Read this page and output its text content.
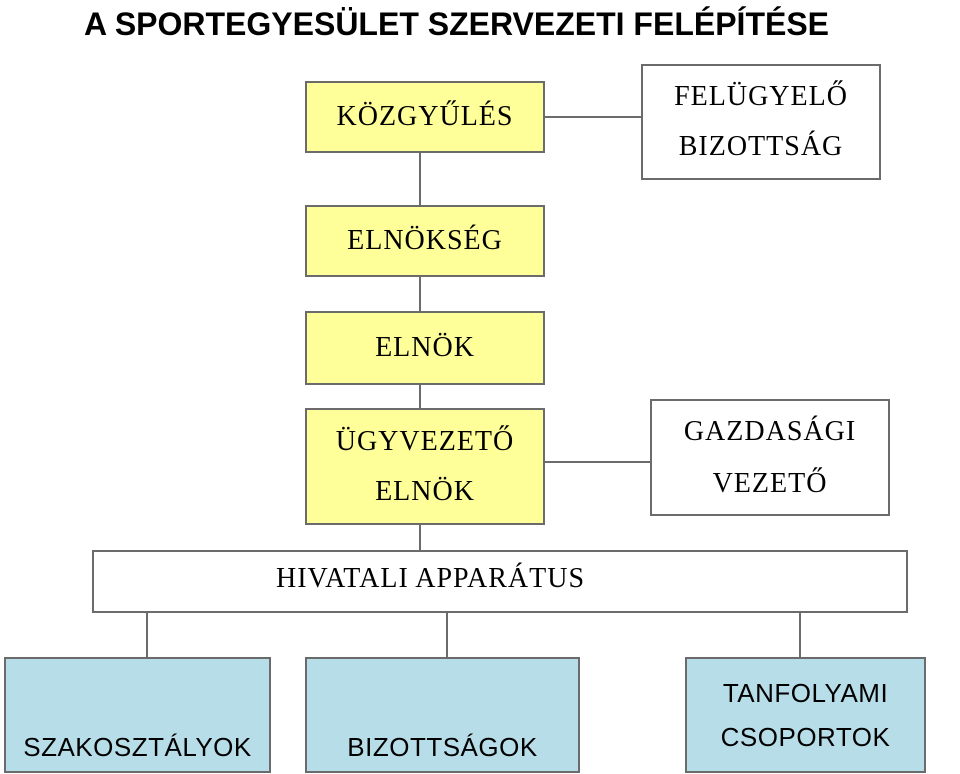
A SPORTEGYESÜLET SZERVEZETI FELÉPÍTÉSE
KÖZGYŰLÉS
FELÜGYELŐ
BIZOTTSÁG
ELNÖKSÉG
ELNÖK
ÜGYVEZETŐ
ELNÖK
GAZDASÁGI
VEZETŐ
HIVATALI APPARÁTUS
SZAKOSZTÁLYOK	BIZOTTSÁGOK
TANFOLYAMI
CSOPORTOK
